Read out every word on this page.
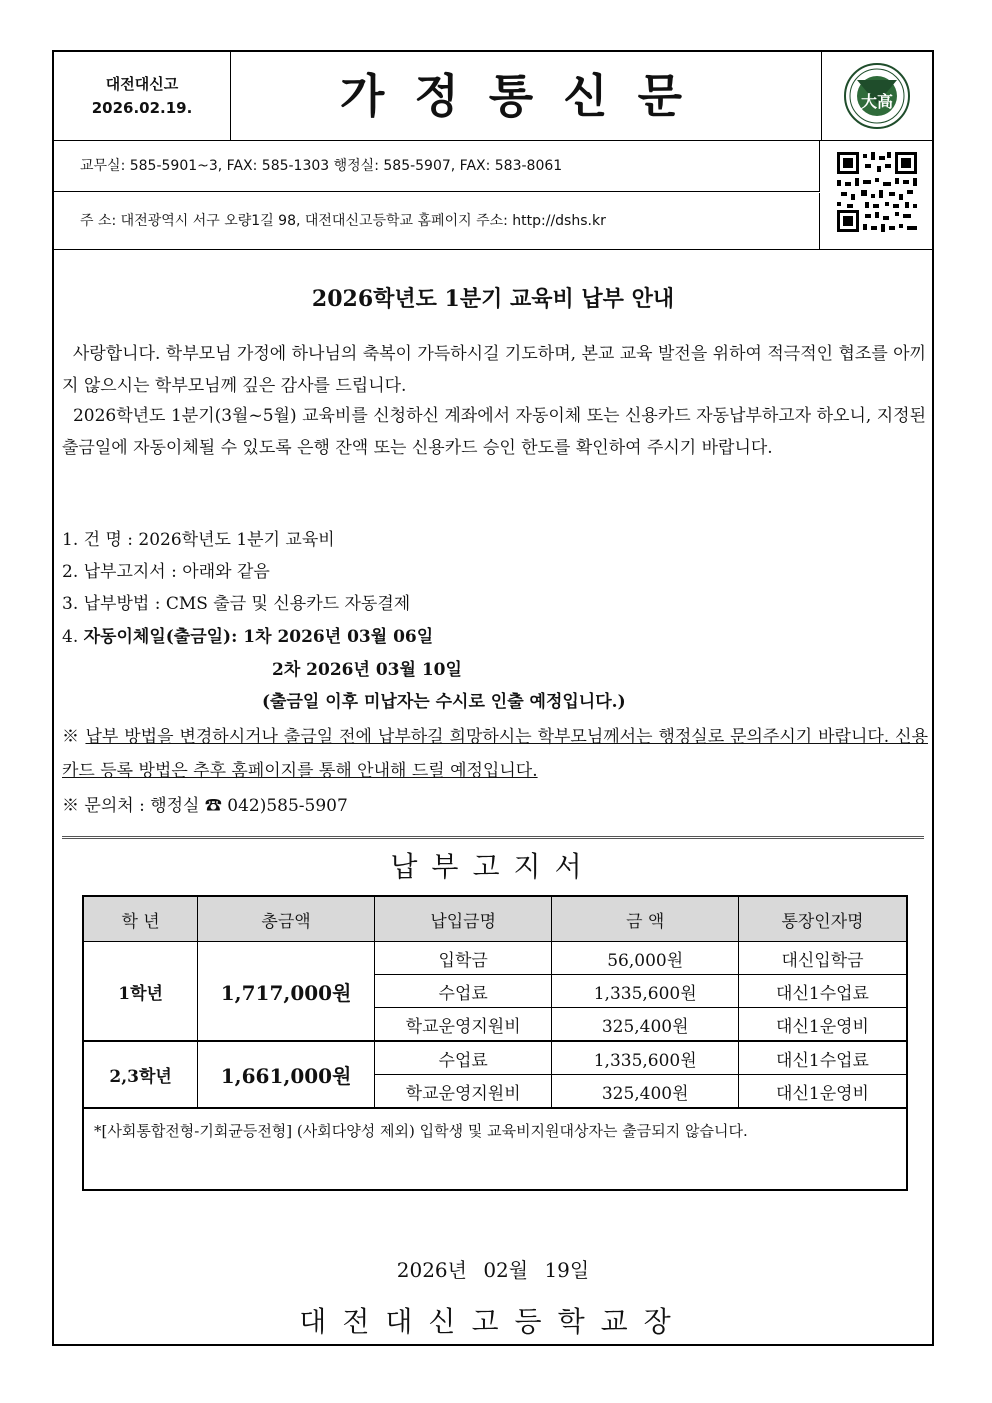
대전대신고
2026.02.19.	가정통신문	大高
교무실: 585-5901~3, FAX: 585-1303 행정실: 585-5907, FAX: 583-8061
주 소: 대전광역시 서구 오량1길 98, 대전대신고등학교 홈페이지 주소: http://dshs.kr
2026학년도 1분기 교육비 납부 안내
사랑합니다. 학부모님 가정에 하나님의 축복이 가득하시길 기도하며, 본교 교육 발전을 위하여 적극적인 협조를 아끼지 않으시는 학부모님께 깊은 감사를 드립니다.
2026학년도 1분기(3월~5월) 교육비를 신청하신 계좌에서 자동이체 또는 신용카드 자동납부하고자 하오니, 지정된 출금일에 자동이체될 수 있도록 은행 잔액 또는 신용카드 승인 한도를 확인하여 주시기 바랍니다.
1. 건 명 : 2026학년도 1분기 교육비
2. 납부고지서 : 아래와 같음
3. 납부방법 : CMS 출금 및 신용카드 자동결제
4. 자동이체일(출금일): 1차 2026년 03월 06일
2차 2026년 03월 10일
(출금일 이후 미납자는 수시로 인출 예정입니다.)
※ 납부 방법을 변경하시거나 출금일 전에 납부하길 희망하시는 학부모님께서는 행정실로 문의주시기 바랍니다. 신용카드 등록 방법은 추후 홈페이지를 통해 안내해 드릴 예정입니다.
※ 문의처 : 행정실 ☎ 042)585-5907
납부고지서
학 년	총금액	납입금명	금 액	통장인자명
1학년	1,717,000원	입학금	56,000원	대신입학금
		수업료	1,335,600원	대신1수업료
		학교운영지원비	325,400원	대신1운영비
2,3학년	1,661,000원	수업료	1,335,600원	대신1수업료
		학교운영지원비	325,400원	대신1운영비
*[사회통합전형-기회균등전형] (사회다양성 제외) 입학생 및 교육비지원대상자는 출금되지 않습니다.
2026년 02월 19일
대전대신고등학교장
